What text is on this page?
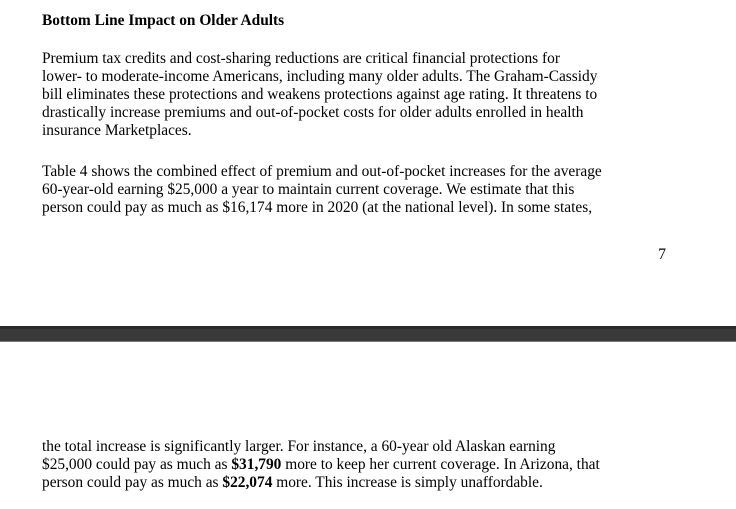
Bottom Line Impact on Older Adults

Premium tax credits and cost-sharing reductions are critical financial protections for

lower- to moderate-income Americans, including many older adults. The Graham-Cassidy

bill eliminates these protections and weakens protections against age rating. It threatens to

drastically increase premiums and out-of-pocket costs for older adults enrolled in health

insurance Marketplaces.

Table 4 shows the combined effect of premium and out-of-pocket increases for the average

60-year-old earning $25,000 a year to maintain current coverage. We estimate that this

person could pay as much as $16,174 more in 2020 (at the national level). In some states,

7

the total increase is significantly larger. For instance, a 60-year old Alaskan earning

$25,000 could pay as much as $31,790 more to keep her current coverage. In Arizona, that

person could pay as much as $22,074 more. This increase is simply unaffordable.
